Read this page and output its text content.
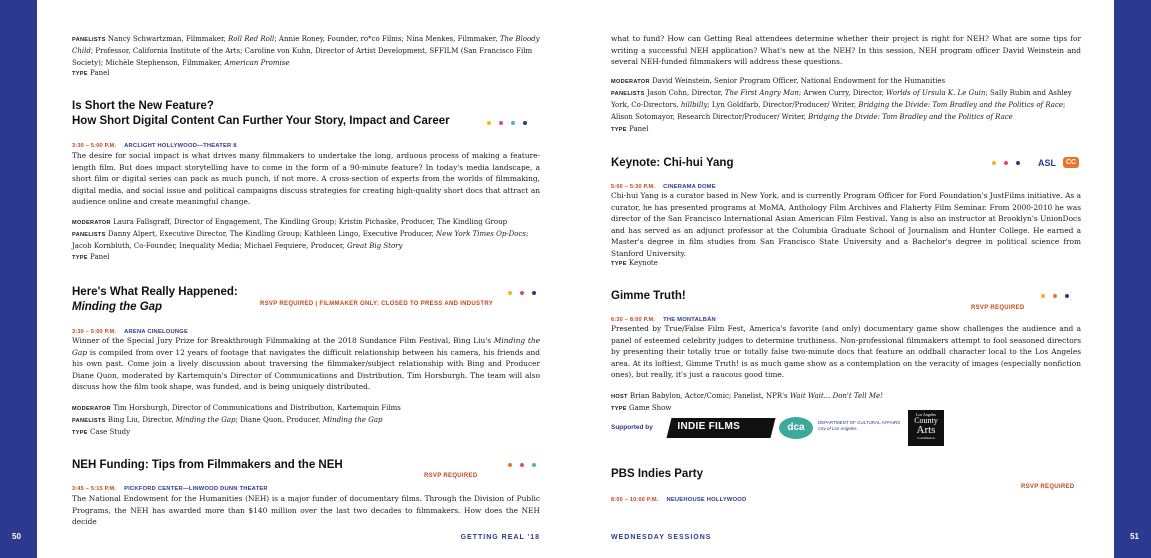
50	51

PANELISTS Nancy Schwartzman, Filmmaker, Roll Red Roll; Annie Roney, Founder, ro*co Films; Nina Menkes, Filmmaker, The Bloody Child; Professor, California Institute of the Arts; Caroline von Kuhn, Director of Artist Development, SFFILM (San Francisco Film Society); Michèle Stephenson, Filmmaker, American Promise

TYPE Panel

Is Short the New Feature?
How Short Digital Content Can Further Your Story, Impact and Career
3:30 – 5:00 P.M. ARCLIGHT HOLLYWOOD—THEATER 8

The desire for social impact is what drives many filmmakers to undertake the long, arduous process of making a feature-length film. But does impact storytelling have to come in the form of a 90-minute feature? In today's media landscape, a short film or digital series can pack as much punch, if not more. A cross-section of experts from the worlds of filmmaking, digital media, and social issue and political campaigns discuss strategies for creating high-quality short docs that attract an audience online and create meaningful change.

MODERATOR Laura Fallsgraff, Director of Engagement, The Kindling Group; Kristin Pichaske, Producer, The Kindling Group

PANELISTS Danny Alpert, Executive Director, The Kindling Group; Kathleen Lingo, Executive Producer, New York Times Op-Docs; Jacob Kornbluth, Co-Founder, Inequality Media; Michael Fequiere, Producer, Great Big Story

TYPE Panel

Here's What Really Happened:
Minding the Gap	RSVP REQUIRED | FILMMAKER ONLY: CLOSED TO PRESS AND INDUSTRY
3:30 – 5:00 P.M. ARENA CINELOUNGE

Winner of the Special Jury Prize for Breakthrough Filmmaking at the 2018 Sundance Film Festival, Bing Liu's Minding the Gap is compiled from over 12 years of footage that navigates the difficult relationship between his camera, his friends and his own past. Come join a lively discussion about traversing the filmmaker/subject relationship with Bing and Producer Diane Quon, moderated by Kartemquin's Director of Communications and Distribution, Tim Horsburgh. The team will also discuss how the film took shape, was funded, and is being uniquely distributed.

MODERATOR Tim Horsburgh, Director of Communications and Distribution, Kartemquin Films

PANELISTS Bing Liu, Director, Minding the Gap; Diane Quon, Producer, Minding the Gap

TYPE Case Study

NEH Funding: Tips from Filmmakers and the NEH
RSVP REQUIRED
3:45 – 5:15 P.M. PICKFORD CENTER—LINWOOD DUNN THEATER

The National Endowment for the Humanities (NEH) is a major funder of documentary films. Through the Division of Public Programs, the NEH has awarded more than $140 million over the last two decades to filmmakers. How does the NEH decide

GETTING REAL '18

what to fund? How can Getting Real attendees determine whether their project is right for NEH? What are some tips for writing a successful NEH application? What's new at the NEH? In this session, NEH program officer David Weinstein and several NEH-funded filmmakers will address these questions.

MODERATOR David Weinstein, Senior Program Officer, National Endowment for the Humanities

PANELISTS Jason Cohn, Director, The First Angry Man; Arwen Curry, Director, Worlds of Ursula K. Le Guin; Sally Rubin and Ashley York, Co-Directors, hillbilly; Lyn Goldfarb, Director/Producer/ Writer, Bridging the Divide: Tom Bradley and the Politics of Race; Alison Sotomayor, Research Director/Producer/ Writer, Bridging the Divide: Tom Bradley and the Politics of Race

TYPE Panel

Keynote: Chi-hui Yang	ASL	CC
5:00 – 5:30 P.M. CINERAMA DOME

Chi-hui Yang is a curator based in New York, and is currently Program Officer for Ford Foundation's JustFilms initiative. As a curator, he has presented programs at MoMA, Anthology Film Archives and Flaherty Film Seminar. From 2000-2010 he was director of the San Francisco International Asian American Film Festival. Yang is also an instructor at Brooklyn's UnionDocs and has served as an adjunct professor at the Columbia Graduate School of Journalism and Hunter College. He earned a Master's degree in film studies from San Francisco State University and a Bachelor's degree in political science from Stanford University.

TYPE Keynote

Gimme Truth!
RSVP REQUIRED
6:30 – 8:00 P.M. THE MONTALBÁN

Presented by True/False Film Fest, America's favorite (and only) documentary game show challenges the audience and a panel of esteemed celebrity judges to determine truthiness. Non-professional filmmakers attempt to fool seasoned directors by presenting their totally true or totally false two-minute docs that feature an oddball character local to the Los Angeles area. At its loftiest, Gimme Truth! is as much game show as a contemplation on the veracity of images (especially nonfiction ones), but really, it's just a raucous good time.

HOST Brian Babylon, Actor/Comic; Panelist, NPR's Wait Wait... Don't Tell Me!

TYPE Game Show

Supported by INDIE FILMS	dca	DEPARTMENT OF CULTURAL AFFAIRS
City of Los Angeles
Los Angeles
County
Arts
Commission
PBS Indies Party
RSVP REQUIRED
8:00 – 10:00 P.M. NEUEHOUSE HOLLYWOOD
WEDNESDAY SESSIONS
